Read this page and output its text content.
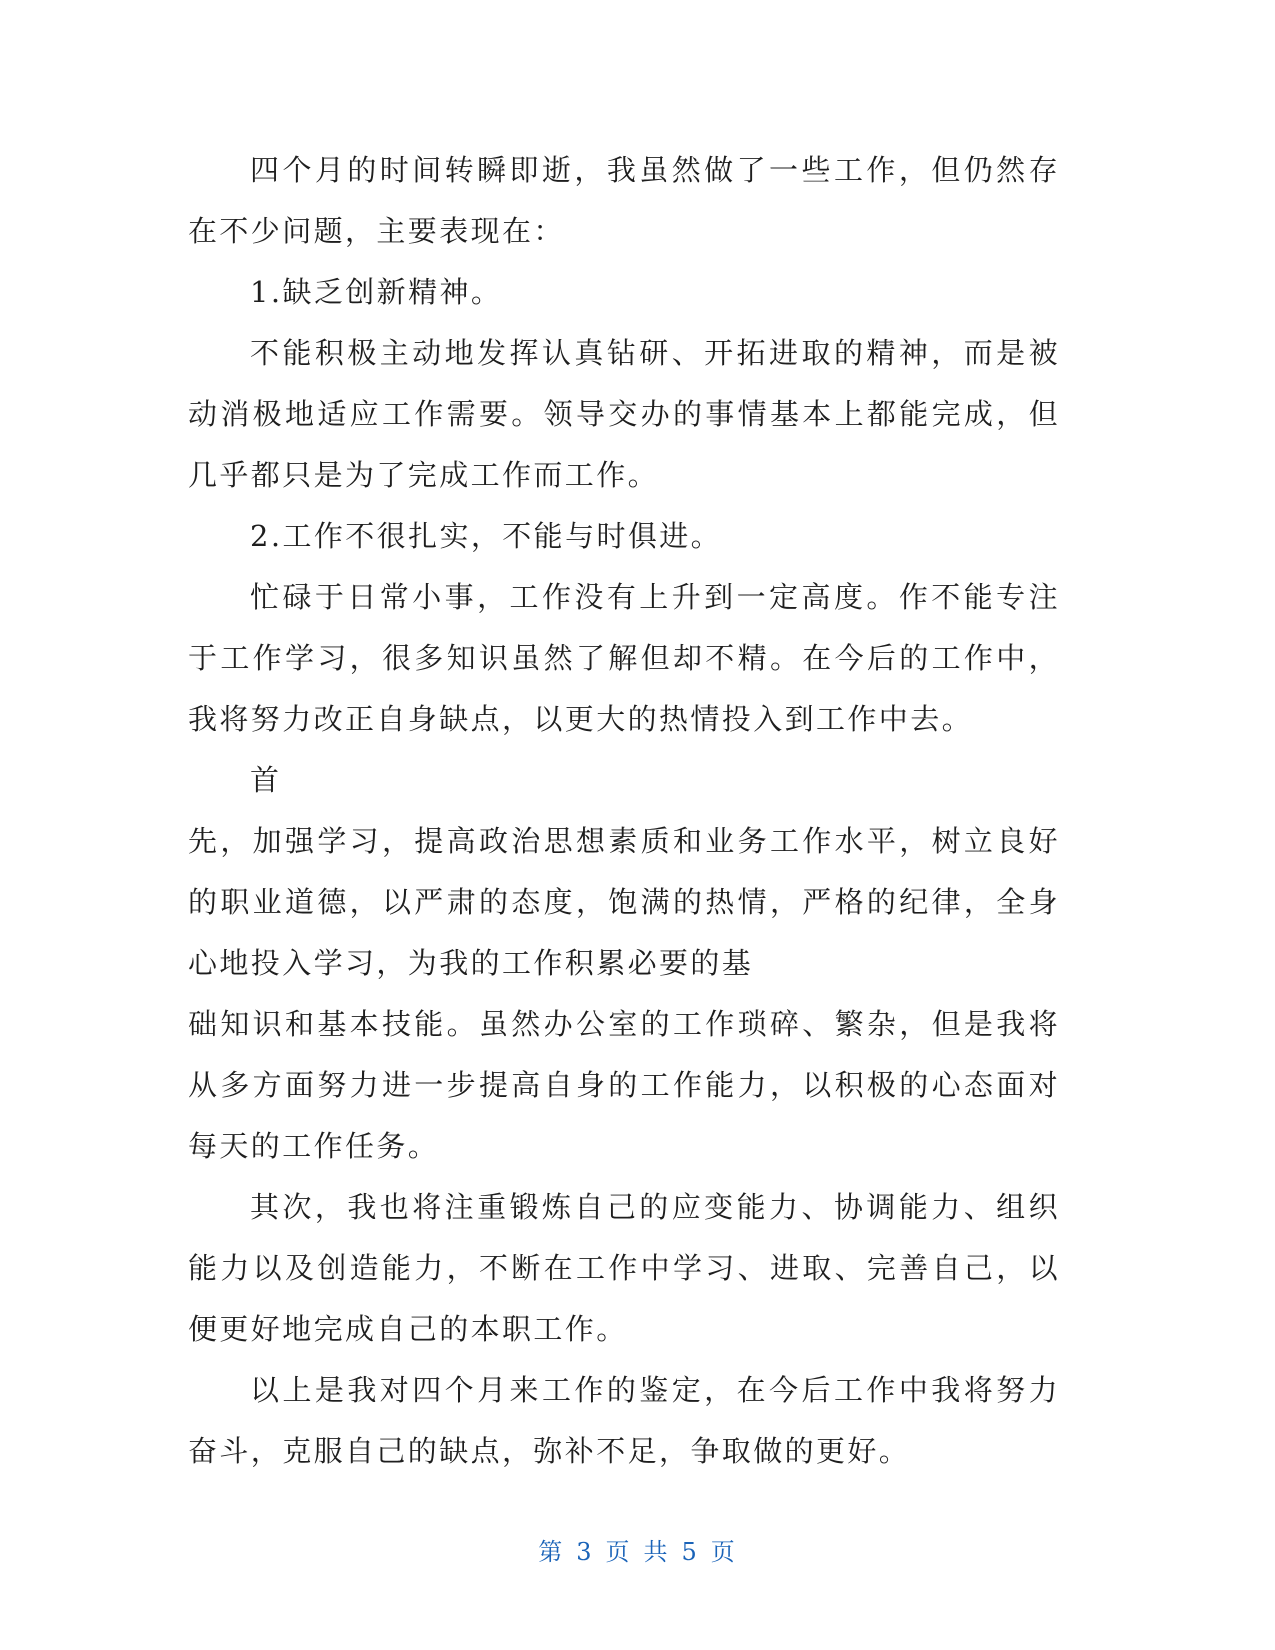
四个月的时间转瞬即逝，我虽然做了一些工作，但仍然存在不少问题，主要表现在：

1.缺乏创新精神。

不能积极主动地发挥认真钻研、开拓进取的精神，而是被动消极地适应工作需要。领导交办的事情基本上都能完成，但几乎都只是为了完成工作而工作。

2.工作不很扎实，不能与时俱进。

忙碌于日常小事，工作没有上升到一定高度。作不能专注于工作学习，很多知识虽然了解但却不精。在今后的工作中，我将努力改正自身缺点，以更大的热情投入到工作中去。

首

先，加强学习，提高政治思想素质和业务工作水平，树立良好的职业道德，以严肃的态度，饱满的热情，严格的纪律，全身心地投入学习，为我的工作积累必要的基

础知识和基本技能。虽然办公室的工作琐碎、繁杂，但是我将从多方面努力进一步提高自身的工作能力，以积极的心态面对每天的工作任务。

其次，我也将注重锻炼自己的应变能力、协调能力、组织能力以及创造能力，不断在工作中学习、进取、完善自己，以便更好地完成自己的本职工作。

以上是我对四个月来工作的鉴定，在今后工作中我将努力奋斗，克服自己的缺点，弥补不足，争取做的更好。

第 3 页 共 5 页
